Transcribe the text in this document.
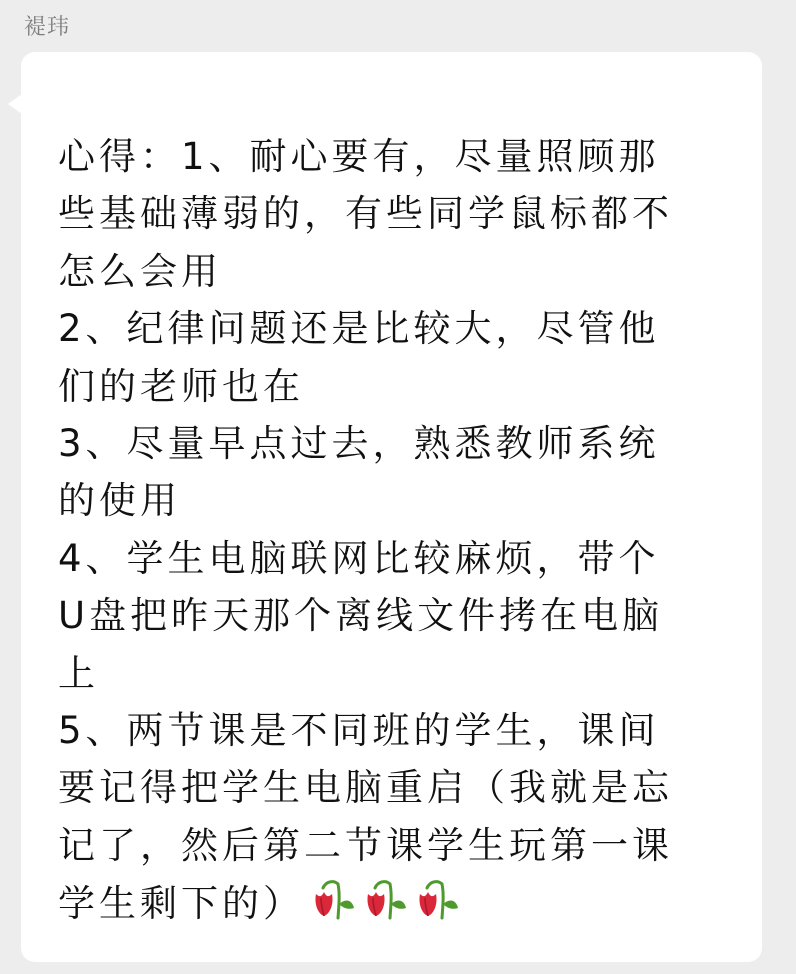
褆玮
心得：1、耐心要有，尽量照顾那
些基础薄弱的，有些同学鼠标都不
怎么会用
2、纪律问题还是比较大，尽管他
们的老师也在
3、尽量早点过去，熟悉教师系统
的使用
4、学生电脑联网比较麻烦，带个
U盘把昨天那个离线文件拷在电脑
上
5、两节课是不同班的学生，课间
要记得把学生电脑重启（我就是忘
记了，然后第二节课学生玩第一课
学生剩下的）
